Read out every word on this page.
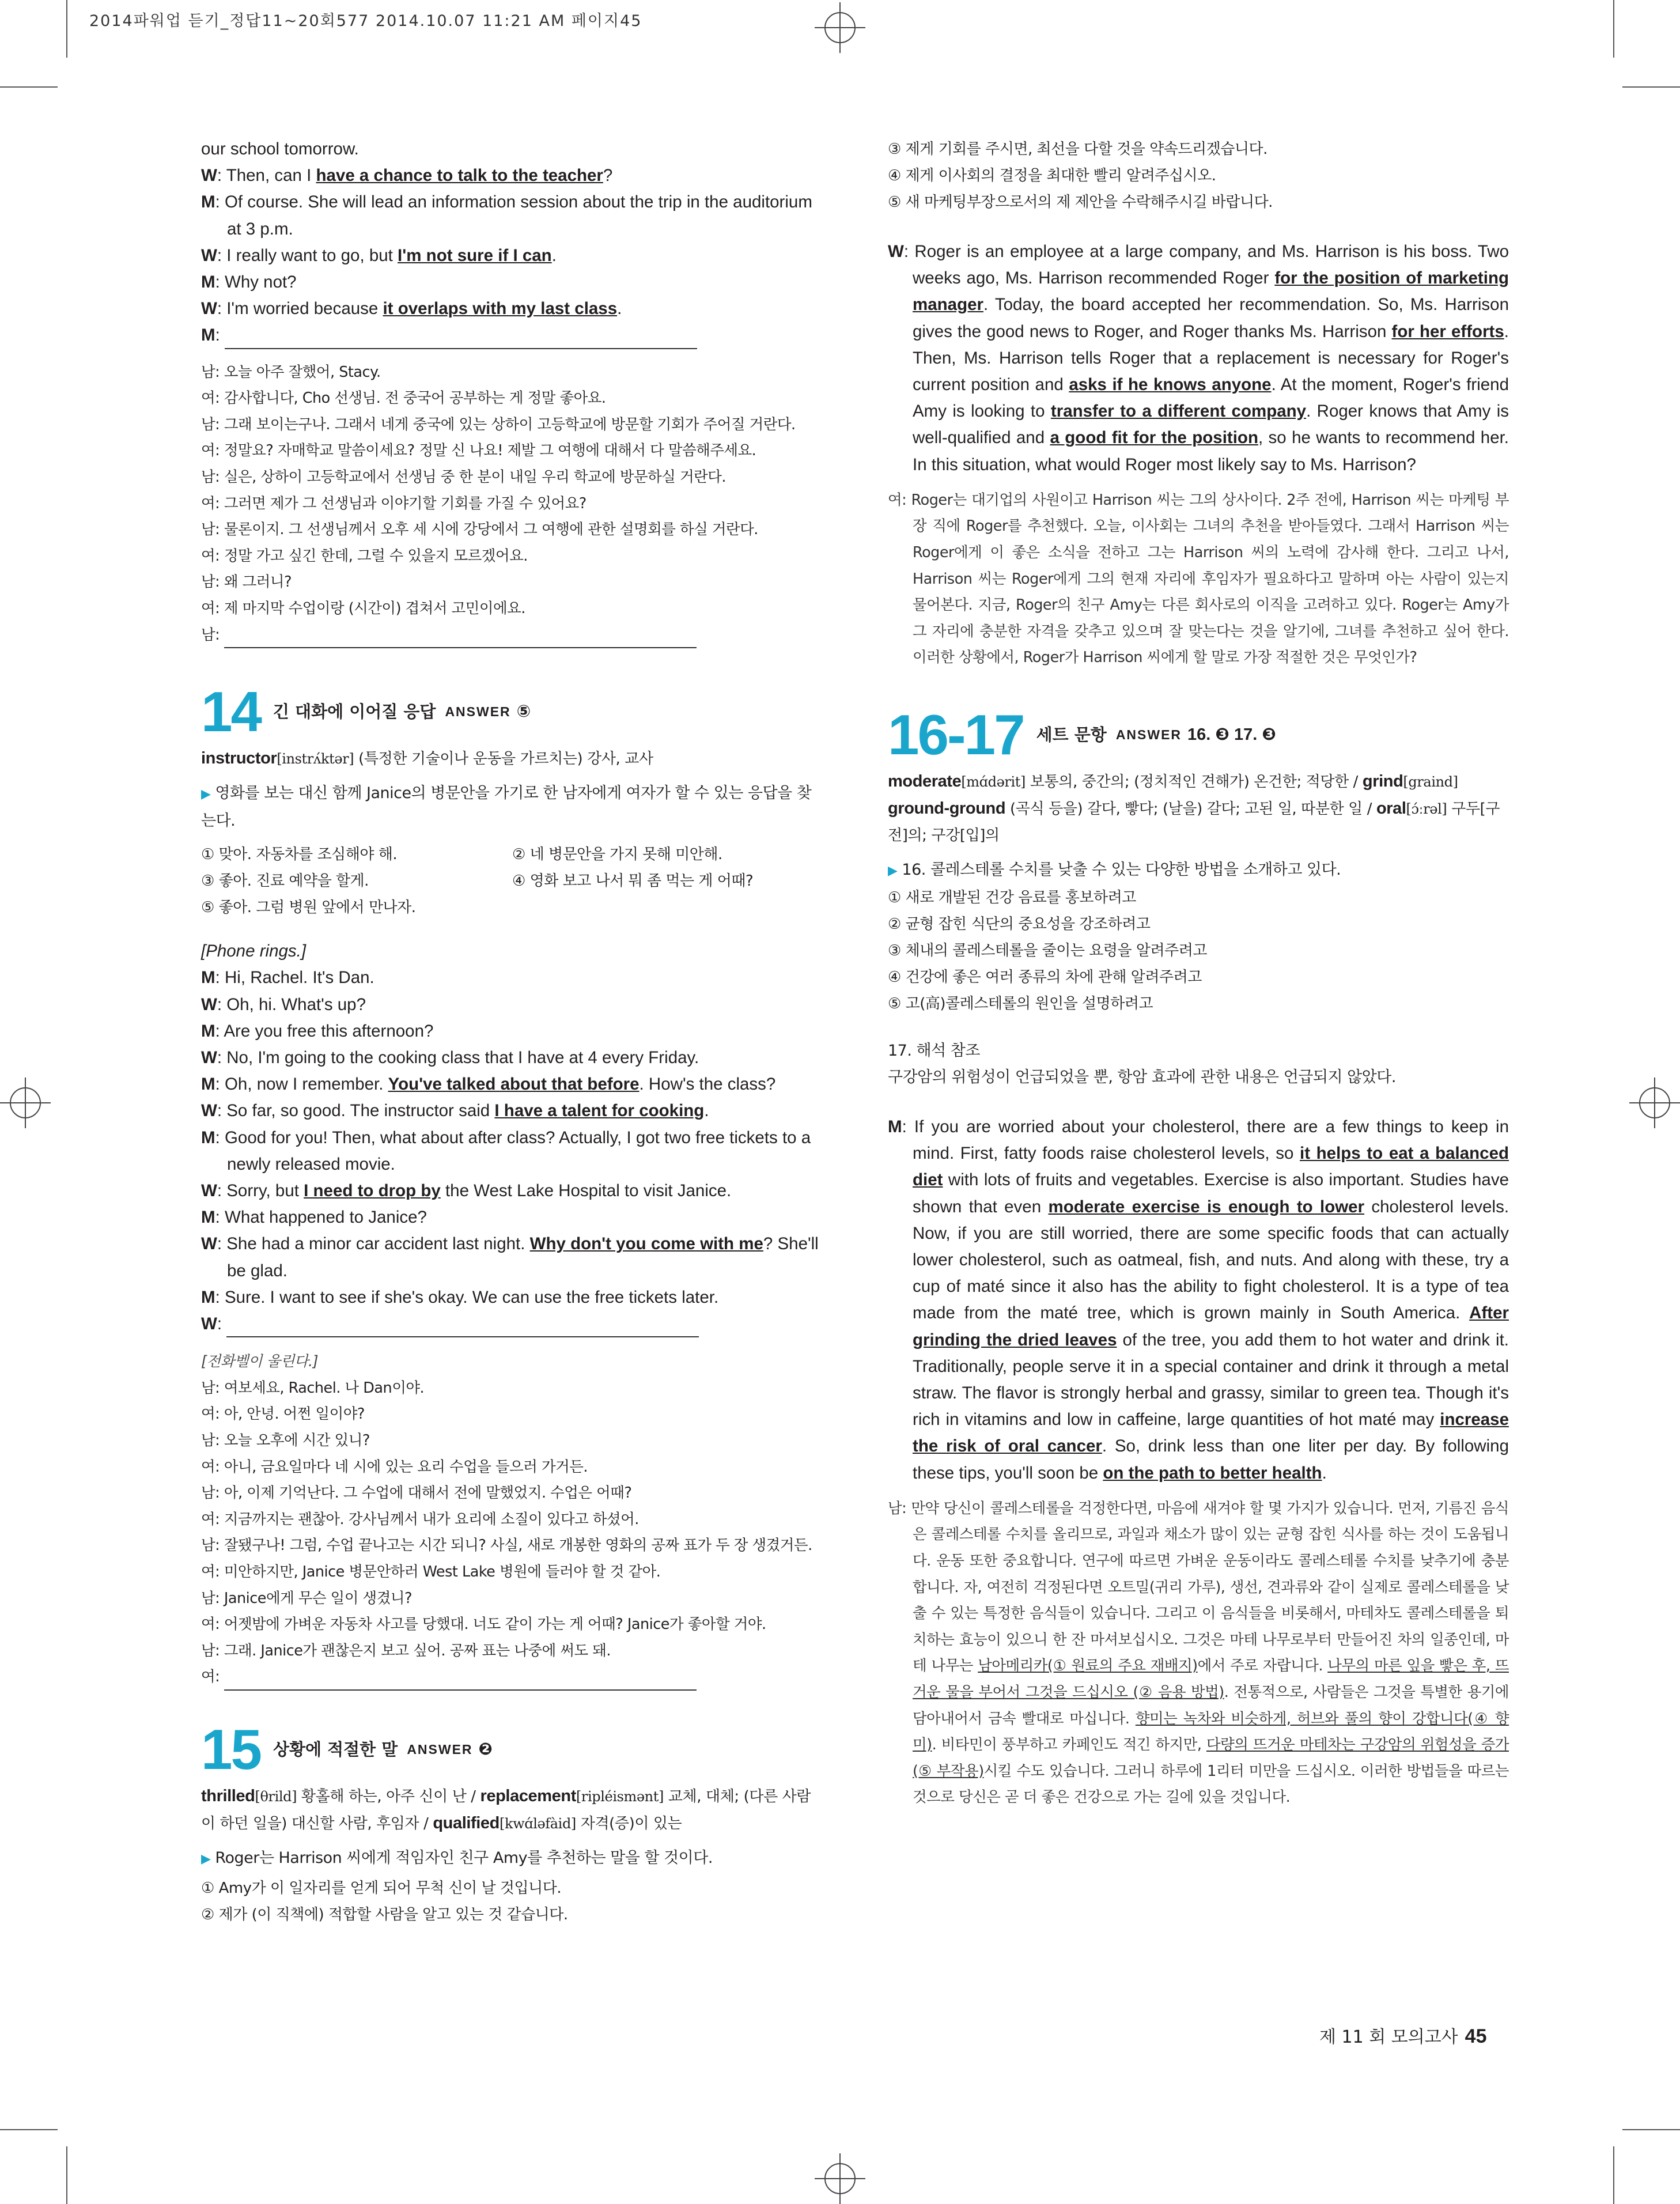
2014파워업 듣기_정답11~20회577 2014.10.07 11:21 AM 페이지45
our school tomorrow.
W: Then, can I have a chance to talk to the teacher?
M: Of course. She will lead an information session about the trip in the auditorium at 3 p.m.
W: I really want to go, but I'm not sure if I can.
M: Why not?
W: I'm worried because it overlaps with my last class.
M:
남: 오늘 아주 잘했어, Stacy.
여: 감사합니다, Cho 선생님. 전 중국어 공부하는 게 정말 좋아요.
남: 그래 보이는구나. 그래서 네게 중국에 있는 상하이 고등학교에 방문할 기회가 주어질 거란다.
여: 정말요? 자매학교 말씀이세요? 정말 신 나요! 제발 그 여행에 대해서 다 말씀해주세요.
남: 실은, 상하이 고등학교에서 선생님 중 한 분이 내일 우리 학교에 방문하실 거란다.
여: 그러면 제가 그 선생님과 이야기할 기회를 가질 수 있어요?
남: 물론이지. 그 선생님께서 오후 세 시에 강당에서 그 여행에 관한 설명회를 하실 거란다.
여: 정말 가고 싶긴 한데, 그럴 수 있을지 모르겠어요.
남: 왜 그러니?
여: 제 마지막 수업이랑 (시간이) 겹쳐서 고민이에요.
남:
14 긴 대화에 이어질 응답 ANSWER ⑤
instructor[instrʌ́ktər] (특정한 기술이나 운동을 가르치는) 강사, 교사
▶ 영화를 보는 대신 함께 Janice의 병문안을 가기로 한 남자에게 여자가 할 수 있는 응답을 찾는다.
① 맞아. 자동차를 조심해야 해.	② 네 병문안을 가지 못해 미안해.
③ 좋아. 진료 예약을 할게.	④ 영화 보고 나서 뭐 좀 먹는 게 어때?
⑤ 좋아. 그럼 병원 앞에서 만나자.
[Phone rings.]
M: Hi, Rachel. It's Dan.
W: Oh, hi. What's up?
M: Are you free this afternoon?
W: No, I'm going to the cooking class that I have at 4 every Friday.
M: Oh, now I remember. You've talked about that before. How's the class?
W: So far, so good. The instructor said I have a talent for cooking.
M: Good for you! Then, what about after class? Actually, I got two free tickets to a newly released movie.
W: Sorry, but I need to drop by the West Lake Hospital to visit Janice.
M: What happened to Janice?
W: She had a minor car accident last night. Why don't you come with me? She'll be glad.
M: Sure. I want to see if she's okay. We can use the free tickets later.
W:
[전화벨이 울린다.]
남: 여보세요, Rachel. 나 Dan이야.
여: 아, 안녕. 어쩐 일이야?
남: 오늘 오후에 시간 있니?
여: 아니, 금요일마다 네 시에 있는 요리 수업을 들으러 가거든.
남: 아, 이제 기억난다. 그 수업에 대해서 전에 말했었지. 수업은 어때?
여: 지금까지는 괜찮아. 강사님께서 내가 요리에 소질이 있다고 하셨어.
남: 잘됐구나! 그럼, 수업 끝나고는 시간 되니? 사실, 새로 개봉한 영화의 공짜 표가 두 장 생겼거든.
여: 미안하지만, Janice 병문안하러 West Lake 병원에 들러야 할 것 같아.
남: Janice에게 무슨 일이 생겼니?
여: 어젯밤에 가벼운 자동차 사고를 당했대. 너도 같이 가는 게 어때? Janice가 좋아할 거야.
남: 그래. Janice가 괜찮은지 보고 싶어. 공짜 표는 나중에 써도 돼.
여:
15 상황에 적절한 말 ANSWER ❷
thrilled[θrild] 황홀해 하는, 아주 신이 난 / replacement[ripléismənt] 교체, 대체; (다른 사람이 하던 일을) 대신할 사람, 후임자 / qualified[kwɑ́ləfàid] 자격(증)이 있는
▶ Roger는 Harrison 씨에게 적임자인 친구 Amy를 추천하는 말을 할 것이다.
① Amy가 이 일자리를 얻게 되어 무척 신이 날 것입니다.
② 제가 (이 직책에) 적합할 사람을 알고 있는 것 같습니다.
③ 제게 기회를 주시면, 최선을 다할 것을 약속드리겠습니다.
④ 제게 이사회의 결정을 최대한 빨리 알려주십시오.
⑤ 새 마케팅부장으로서의 제 제안을 수락해주시길 바랍니다.
W: Roger is an employee at a large company, and Ms. Harrison is his boss. Two weeks ago, Ms. Harrison recommended Roger for the position of marketing manager. Today, the board accepted her recommendation. So, Ms. Harrison gives the good news to Roger, and Roger thanks Ms. Harrison for her efforts. Then, Ms. Harrison tells Roger that a replacement is necessary for Roger's current position and asks if he knows anyone. At the moment, Roger's friend Amy is looking to transfer to a different company. Roger knows that Amy is well-qualified and a good fit for the position, so he wants to recommend her. In this situation, what would Roger most likely say to Ms. Harrison?
여: Roger는 대기업의 사원이고 Harrison 씨는 그의 상사이다. 2주 전에, Harrison 씨는 마케팅 부장 직에 Roger를 추천했다. 오늘, 이사회는 그녀의 추천을 받아들였다. 그래서 Harrison 씨는 Roger에게 이 좋은 소식을 전하고 그는 Harrison 씨의 노력에 감사해 한다. 그리고 나서, Harrison 씨는 Roger에게 그의 현재 자리에 후임자가 필요하다고 말하며 아는 사람이 있는지 물어본다. 지금, Roger의 친구 Amy는 다른 회사로의 이직을 고려하고 있다. Roger는 Amy가 그 자리에 충분한 자격을 갖추고 있으며 잘 맞는다는 것을 알기에, 그녀를 추천하고 싶어 한다. 이러한 상황에서, Roger가 Harrison 씨에게 할 말로 가장 적절한 것은 무엇인가?
16-17 세트 문항 ANSWER 16. ❸ 17. ❸
moderate[mɑ́dərit] 보통의, 중간의; (정치적인 견해가) 온건한; 적당한 / grind[graind] ground-ground (곡식 등을) 갈다, 빻다; (날을) 갈다; 고된 일, 따분한 일 / oral[ɔ́ːrəl] 구두[구전]의; 구강[입]의
▶ 16. 콜레스테롤 수치를 낮출 수 있는 다양한 방법을 소개하고 있다.
① 새로 개발된 건강 음료를 홍보하려고
② 균형 잡힌 식단의 중요성을 강조하려고
③ 체내의 콜레스테롤을 줄이는 요령을 알려주려고
④ 건강에 좋은 여러 종류의 차에 관해 알려주려고
⑤ 고(高)콜레스테롤의 원인을 설명하려고
17. 해석 참조
구강암의 위험성이 언급되었을 뿐, 항암 효과에 관한 내용은 언급되지 않았다.
M: If you are worried about your cholesterol, there are a few things to keep in mind. First, fatty foods raise cholesterol levels, so it helps to eat a balanced diet with lots of fruits and vegetables. Exercise is also important. Studies have shown that even moderate exercise is enough to lower cholesterol levels. Now, if you are still worried, there are some specific foods that can actually lower cholesterol, such as oatmeal, fish, and nuts. And along with these, try a cup of maté since it also has the ability to fight cholesterol. It is a type of tea made from the maté tree, which is grown mainly in South America. After grinding the dried leaves of the tree, you add them to hot water and drink it. Traditionally, people serve it in a special container and drink it through a metal straw. The flavor is strongly herbal and grassy, similar to green tea. Though it's rich in vitamins and low in caffeine, large quantities of hot maté may increase the risk of oral cancer. So, drink less than one liter per day. By following these tips, you'll soon be on the path to better health.
남: 만약 당신이 콜레스테롤을 걱정한다면, 마음에 새겨야 할 몇 가지가 있습니다. 먼저, 기름진 음식은 콜레스테롤 수치를 올리므로, 과일과 채소가 많이 있는 균형 잡힌 식사를 하는 것이 도움됩니다. 운동 또한 중요합니다. 연구에 따르면 가벼운 운동이라도 콜레스테롤 수치를 낮추기에 충분합니다. 자, 여전히 걱정된다면 오트밀(귀리 가루), 생선, 견과류와 같이 실제로 콜레스테롤을 낮출 수 있는 특정한 음식들이 있습니다. 그리고 이 음식들을 비롯해서, 마테차도 콜레스테롤을 퇴치하는 효능이 있으니 한 잔 마셔보십시오. 그것은 마테 나무로부터 만들어진 차의 일종인데, 마테 나무는 남아메리카(① 원료의 주요 재배지)에서 주로 자랍니다. 나무의 마른 잎을 빻은 후, 뜨거운 물을 부어서 그것을 드십시오 (② 음용 방법). 전통적으로, 사람들은 그것을 특별한 용기에 담아내어서 금속 빨대로 마십니다. 향미는 녹차와 비슷하게, 허브와 풀의 향이 강합니다(④ 향미). 비타민이 풍부하고 카페인도 적긴 하지만, 다량의 뜨거운 마테차는 구강암의 위험성을 증가(⑤ 부작용)시킬 수도 있습니다. 그러니 하루에 1리터 미만을 드십시오. 이러한 방법들을 따르는 것으로 당신은 곧 더 좋은 건강으로 가는 길에 있을 것입니다.
제 11 회 모의고사 45
